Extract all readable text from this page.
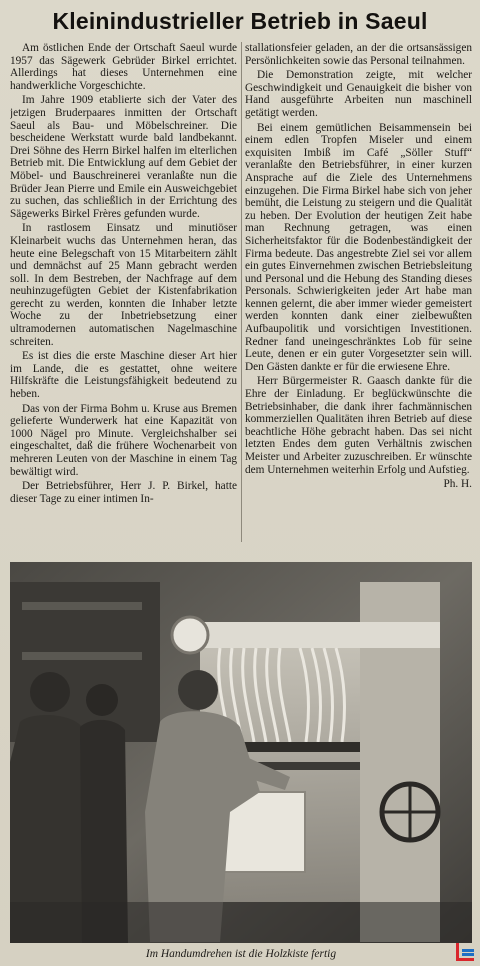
Kleinindustrieller Betrieb in Saeul

Am östlichen Ende der Ortschaft Saeul wurde 1957 das Sägewerk Gebrüder Birkel errichtet. Allerdings hat dieses Unternehmen eine handwerkliche Vorgeschichte.

Im Jahre 1909 etablierte sich der Vater des jetzigen Bruderpaares inmitten der Ortschaft Saeul als Bau- und Möbelschreiner. Die bescheidene Werkstatt wurde bald landbekannt. Drei Söhne des Herrn Birkel halfen im elterlichen Betrieb mit. Die Entwicklung auf dem Gebiet der Möbel- und Bauschreinerei veranlaßte nun die Brüder Jean Pierre und Emile ein Ausweichgebiet zu suchen, das schließlich in der Errichtung des Sägewerks Birkel Frères gefunden wurde.

In rastlosem Einsatz und minutiöser Kleinarbeit wuchs das Unternehmen heran, das heute eine Belegschaft von 15 Mitarbeitern zählt und demnächst auf 25 Mann gebracht werden soll. In dem Bestreben, der Nachfrage auf dem neuhinzugefügten Gebiet der Kistenfabrikation gerecht zu werden, konnten die Inhaber letzte Woche zu der Inbetriebsetzung einer ultramodernen automatischen Nagelmaschine schreiten.

Es ist dies die erste Maschine dieser Art hier im Lande, die es gestattet, ohne weitere Hilfskräfte die Leistungsfähigkeit bedeutend zu heben.

Das von der Firma Bohm u. Kruse aus Bremen gelieferte Wunderwerk hat eine Kapazität von 1000 Nägel pro Minute. Vergleichshalber sei eingeschaltet, daß die frühere Wochenarbeit von mehreren Leuten von der Maschine in einem Tag bewältigt wird.

Der Betriebsführer, Herr J. P. Birkel, hatte dieser Tage zu einer intimen In-

stallationsfeier geladen, an der die ortsansässigen Persönlichkeiten sowie das Personal teilnahmen.

Die Demonstration zeigte, mit welcher Geschwindigkeit und Genauigkeit die bisher von Hand ausgeführte Arbeiten nun maschinell getätigt werden.

Bei einem gemütlichen Beisammensein bei einem edlen Tropfen Miseler und einem exquisiten Imbiß im Café „Söller Stuff“ veranlaßte den Betriebsführer, in einer kurzen Ansprache auf die Ziele des Unternehmens einzugehen. Die Firma Birkel habe sich von jeher bemüht, die Leistung zu steigern und die Qualität zu heben. Der Evolution der heutigen Zeit habe man Rechnung getragen, was einen Sicherheitsfaktor für die Bodenbeständigkeit der Firma bedeute. Das angestrebte Ziel sei vor allem ein gutes Einvernehmen zwischen Betriebsleitung und Personal und die Hebung des Standing dieses Personals. Schwierigkeiten jeder Art habe man kennen gelernt, die aber immer wieder gemeistert werden konnten dank einer zielbewußten Aufbaupolitik und vorsichtigen Investitionen. Redner fand uneingeschränktes Lob für seine Leute, denen er ein guter Vorgesetzter sein will. Den Gästen dankte er für die erwiesene Ehre.

Herr Bürgermeister R. Gaasch dankte für die Ehre der Einladung. Er beglückwünschte die Betriebsinhaber, die dank ihrer fachmännischen kommerziellen Qualitäten ihren Betrieb auf diese beachtliche Höhe gebracht haben. Das sei nicht letzten Endes dem guten Verhältnis zwischen Meister und Arbeiter zuzuschreiben. Er wünschte dem Unternehmen weiterhin Erfolg und Aufstieg.

Ph. H.

Im Handumdrehen ist die Holzkiste fertig
